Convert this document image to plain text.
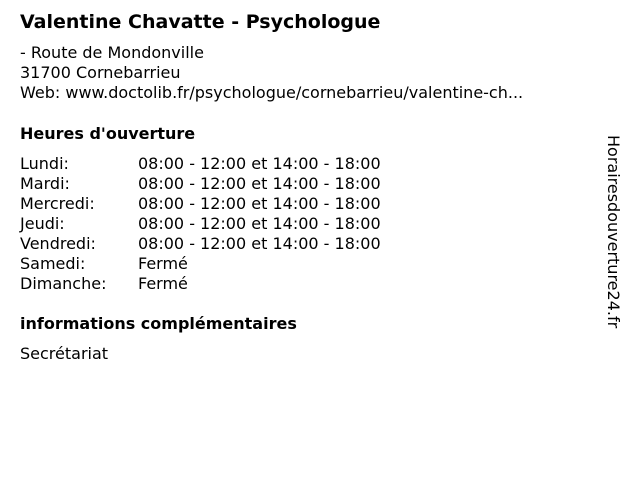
Valentine Chavatte - Psychologue
- Route de Mondonville
31700 Cornebarrieu
Web: www.doctolib.fr/psychologue/cornebarrieu/valentine-ch...
Heures d'ouverture
Lundi:	08:00 - 12:00 et 14:00 - 18:00
Mardi:	08:00 - 12:00 et 14:00 - 18:00
Mercredi:	08:00 - 12:00 et 14:00 - 18:00
Jeudi:	08:00 - 12:00 et 14:00 - 18:00
Vendredi:	08:00 - 12:00 et 14:00 - 18:00
Samedi:	Fermé
Dimanche:	Fermé
informations complémentaires
Secrétariat
Horairesdouverture24.fr
